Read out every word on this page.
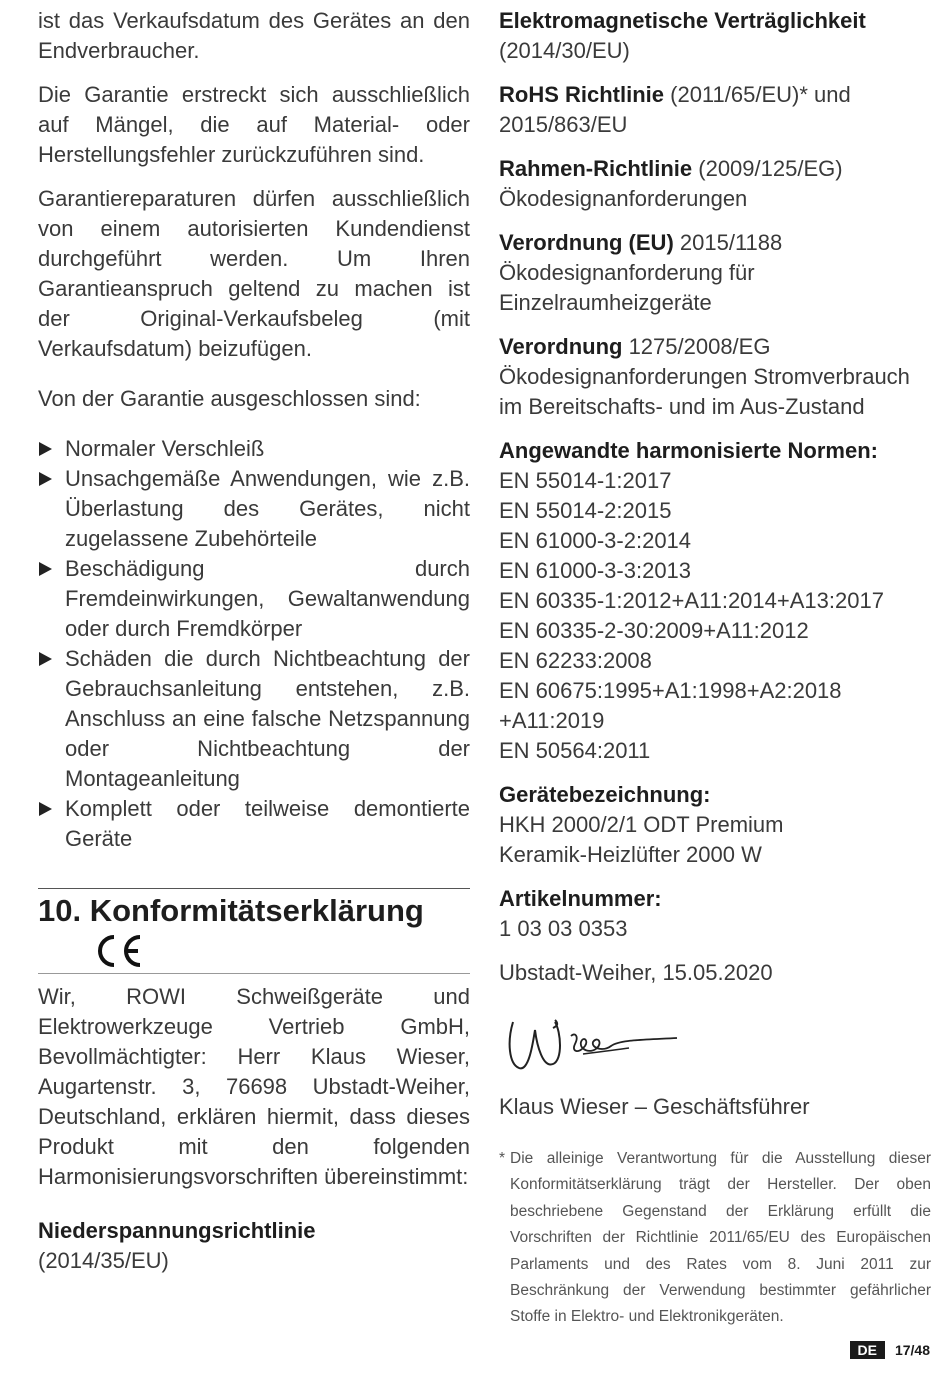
ist das Verkaufsdatum des Gerätes an den Endverbraucher.

Die Garantie erstreckt sich ausschließlich auf Mängel, die auf Material- oder Herstellungsfehler zurückzuführen sind.

Garantiereparaturen dürfen ausschließlich von einem autorisierten Kundendienst durchgeführt werden. Um Ihren Garantieanspruch geltend zu machen ist der Original-Verkaufsbeleg (mit Verkaufsdatum) beizufügen.

Von der Garantie ausgeschlossen sind:

Normaler Verschleiß
Unsachgemäße Anwendungen, wie z.B. Überlastung des Gerätes, nicht zugelassene Zubehörteile
Beschädigung durch Fremdeinwirkungen, Gewaltanwendung oder durch Fremdkörper
Schäden die durch Nichtbeachtung der Gebrauchsanleitung entstehen, z.B. Anschluss an eine falsche Netzspannung oder Nichtbeachtung der Montageanleitung
Komplett oder teilweise demontierte Geräte
10. Konformitätserklärung

Wir, ROWI Schweißgeräte und Elektrowerkzeuge Vertrieb GmbH, Bevollmächtigter: Herr Klaus Wieser, Augartenstr. 3, 76698 Ubstadt-Weiher, Deutschland, erklären hiermit, dass dieses Produkt mit den folgenden Harmonisierungsvorschriften übereinstimmt:

Niederspannungsrichtlinie

(2014/35/EU)

Elektromagnetische Verträglichkeit

(2014/30/EU)

RoHS Richtlinie (2011/65/EU)* und 2015/863/EU

Rahmen-Richtlinie (2009/125/EG) Ökodesignanforderungen

Verordnung (EU) 2015/1188 Ökodesignanforderung für Einzelraumheizgeräte

Verordnung 1275/2008/EG Ökodesignanforderungen Stromverbrauch im Bereitschafts- und im Aus-Zustand

Angewandte harmonisierte Normen:

EN 55014-1:2017

EN 55014-2:2015

EN 61000-3-2:2014

EN 61000-3-3:2013

EN 60335-1:2012+A11:2014+A13:2017

EN 60335-2-30:2009+A11:2012

EN 62233:2008

EN 60675:1995+A1:1998+A2:2018

+A11:2019

EN 50564:2011

Gerätebezeichnung:

HKH 2000/2/1 ODT Premium

Keramik-Heizlüfter 2000 W

Artikelnummer:

1 03 03 0353

Ubstadt-Weiher, 15.05.2020

Klaus Wieser – Geschäftsführer

* Die alleinige Verantwortung für die Ausstellung dieser Konformitätserklärung trägt der Hersteller. Der oben beschriebene Gegenstand der Erklärung erfüllt die Vorschriften der Richtlinie 2011/65/EU des Europäischen Parlaments und des Rates vom 8. Juni 2011 zur Beschränkung der Verwendung bestimmter gefährlicher Stoffe in Elektro- und Elektronikgeräten.
DE	17/48
